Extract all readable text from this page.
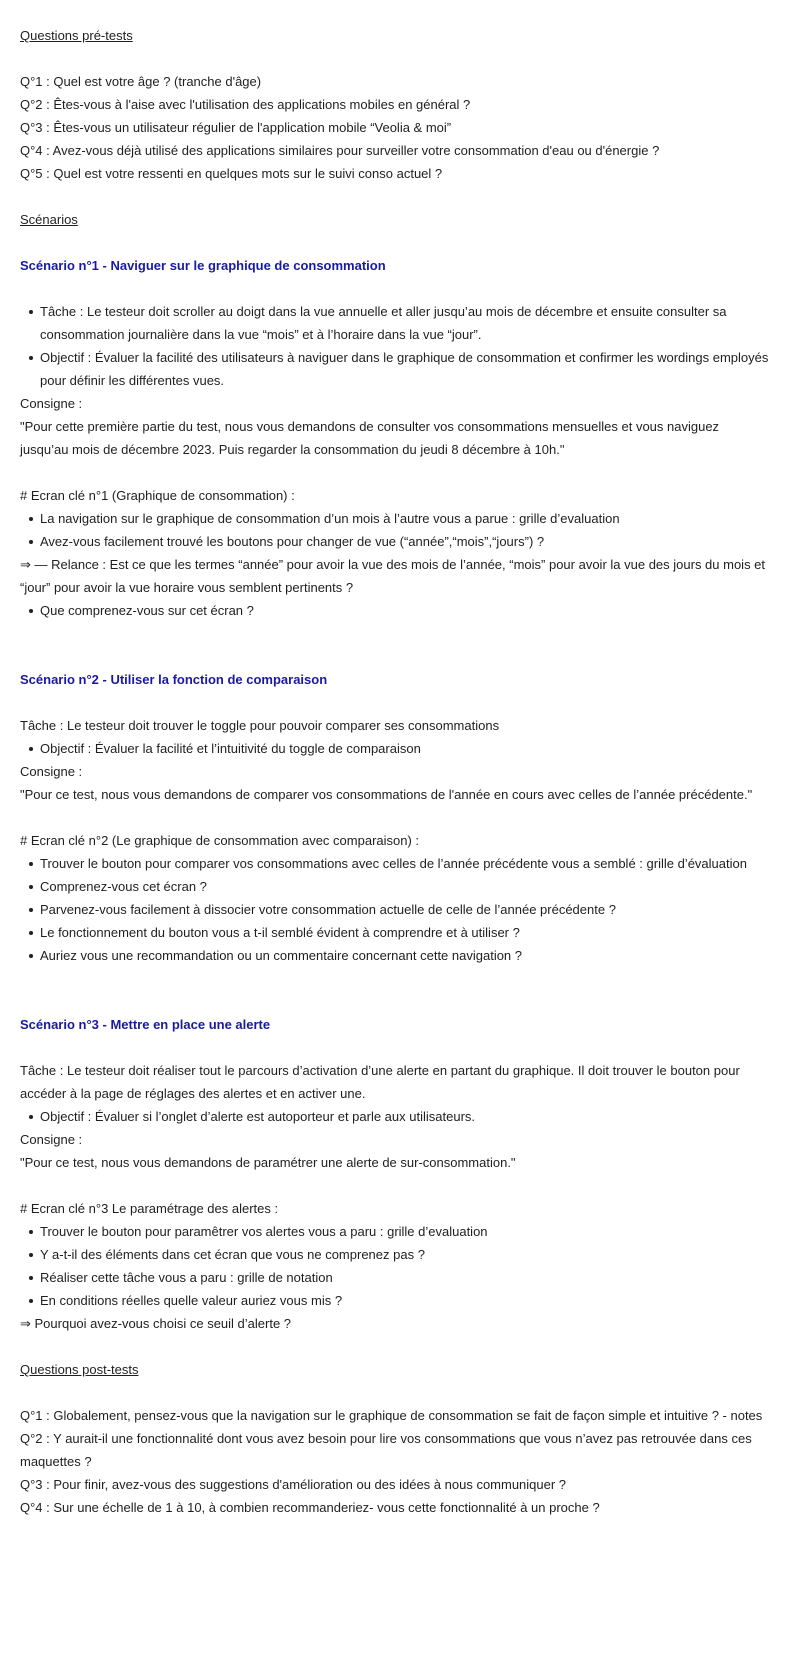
Questions pré-tests

Q°1 : Quel est votre âge ? (tranche d'âge)

Q°2 : Êtes-vous à l'aise avec l'utilisation des applications mobiles en général ?

Q°3 : Êtes-vous un utilisateur régulier de l'application mobile “Veolia & moi”

Q°4 : Avez-vous déjà utilisé des applications similaires pour surveiller votre consommation d'eau ou d'énergie ?

Q°5 : Quel est votre ressenti en quelques mots sur le suivi conso actuel ?

Scénarios

Scénario n°1 - Naviguer sur le graphique de consommation

Tâche : Le testeur doit scroller au doigt dans la vue annuelle et aller jusqu’au mois de décembre et ensuite consulter sa consommation journalière dans la vue “mois” et à l’horaire dans la vue “jour”.
Objectif : Évaluer la facilité des utilisateurs à naviguer dans le graphique de consommation et confirmer les wordings employés pour définir les différentes vues.

Consigne :

"Pour cette première partie du test, nous vous demandons de consulter vos consommations mensuelles et vous naviguez jusqu’au mois de décembre 2023. Puis regarder la consommation du jeudi 8 décembre à 10h."

# Ecran clé n°1 (Graphique de consommation) :

La navigation sur le graphique de consommation d’un mois à l’autre vous a parue : grille d’evaluation
Avez-vous facilement trouvé les boutons pour changer de vue (“année”,“mois”,“jours”) ?

⇒ — Relance : Est ce que les termes “année” pour avoir la vue des mois de l’année, “mois” pour avoir la vue des jours du mois et “jour” pour avoir la vue horaire vous semblent pertinents ?

Que comprenez-vous sur cet écran ?

Scénario n°2 - Utiliser la fonction de comparaison

Tâche : Le testeur doit trouver le toggle pour pouvoir comparer ses consommations

Objectif : Évaluer la facilité et l’intuitivité du toggle de comparaison

Consigne :

"Pour ce test, nous vous demandons de comparer vos consommations de l'année en cours avec celles de l’année précédente."

# Ecran clé n°2 (Le graphique de consommation avec comparaison) :

Trouver le bouton pour comparer vos consommations avec celles de l’année précédente vous a semblé : grille d’évaluation
Comprenez-vous cet écran ?
Parvenez-vous facilement à dissocier votre consommation actuelle de celle de l’année précédente ?
Le fonctionnement du bouton vous a t-il semblé évident à comprendre et à utiliser ?
Auriez vous une recommandation ou un commentaire concernant cette navigation ?

Scénario n°3 - Mettre en place une alerte

Tâche : Le testeur doit réaliser tout le parcours d’activation d’une alerte en partant du graphique. Il doit trouver le bouton pour accéder à la page de réglages des alertes et en activer une.

Objectif : Évaluer si l’onglet d’alerte est autoporteur et parle aux utilisateurs.

Consigne :

"Pour ce test, nous vous demandons de paramétrer une alerte de sur-consommation."

# Ecran clé n°3 Le paramétrage des alertes :

Trouver le bouton pour paramêtrer vos alertes vous a paru : grille d’evaluation
Y a-t-il des éléments dans cet écran que vous ne comprenez pas ?
Réaliser cette tâche vous a paru : grille de notation
En conditions réelles quelle valeur auriez vous mis ?

⇒ Pourquoi avez-vous choisi ce seuil d’alerte ?

Questions post-tests

Q°1 : Globalement, pensez-vous que la navigation sur le graphique de consommation se fait de façon simple et intuitive ? - notes

Q°2 : Y aurait-il une fonctionnalité dont vous avez besoin pour lire vos consommations que vous n’avez pas retrouvée dans ces maquettes ?

Q°3 : Pour finir, avez-vous des suggestions d'amélioration ou des idées à nous communiquer ?

Q°4 : Sur une échelle de 1 à 10, à combien recommanderiez- vous cette fonctionnalité à un proche ?
